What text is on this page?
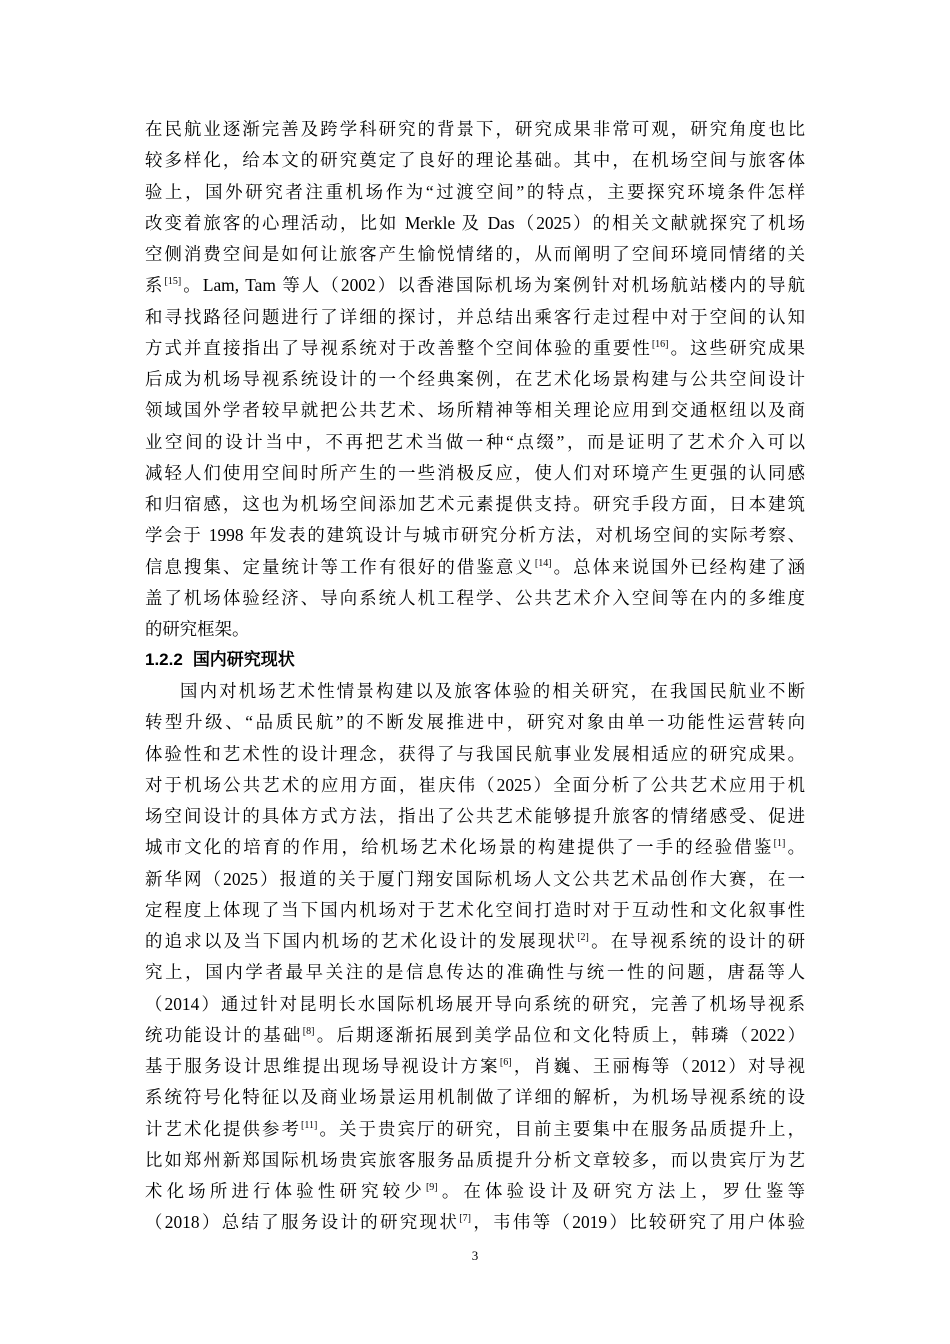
在民航业逐渐完善及跨学科研究的背景下，研究成果非常可观，研究角度也比
较多样化，给本文的研究奠定了良好的理论基础。其中，在机场空间与旅客体
验上，国外研究者注重机场作为“过渡空间”的特点，主要探究环境条件怎样
改变着旅客的心理活动，比如 Merkle 及 Das（2025）的相关文献就探究了机场
空侧消费空间是如何让旅客产生愉悦情绪的，从而阐明了空间环境同情绪的关
系[15]。Lam, Tam 等人（2002）以香港国际机场为案例针对机场航站楼内的导航
和寻找路径问题进行了详细的探讨，并总结出乘客行走过程中对于空间的认知
方式并直接指出了导视系统对于改善整个空间体验的重要性[16]。这些研究成果
后成为机场导视系统设计的一个经典案例，在艺术化场景构建与公共空间设计
领域国外学者较早就把公共艺术、场所精神等相关理论应用到交通枢纽以及商
业空间的设计当中，不再把艺术当做一种“点缀”，而是证明了艺术介入可以
减轻人们使用空间时所产生的一些消极反应，使人们对环境产生更强的认同感
和归宿感，这也为机场空间添加艺术元素提供支持。研究手段方面，日本建筑
学会于 1998 年发表的建筑设计与城市研究分析方法，对机场空间的实际考察、
信息搜集、定量统计等工作有很好的借鉴意义[14]。总体来说国外已经构建了涵
盖了机场体验经济、导向系统人机工程学、公共艺术介入空间等在内的多维度
的研究框架。
1.2.2 国内研究现状
国内对机场艺术性情景构建以及旅客体验的相关研究，在我国民航业不断
转型升级、“品质民航”的不断发展推进中，研究对象由单一功能性运营转向
体验性和艺术性的设计理念，获得了与我国民航事业发展相适应的研究成果。
对于机场公共艺术的应用方面，崔庆伟（2025）全面分析了公共艺术应用于机
场空间设计的具体方式方法，指出了公共艺术能够提升旅客的情绪感受、促进
城市文化的培育的作用，给机场艺术化场景的构建提供了一手的经验借鉴[1]。
新华网（2025）报道的关于厦门翔安国际机场人文公共艺术品创作大赛，在一
定程度上体现了当下国内机场对于艺术化空间打造时对于互动性和文化叙事性
的追求以及当下国内机场的艺术化设计的发展现状[2]。在导视系统的设计的研
究上，国内学者最早关注的是信息传达的准确性与统一性的问题，唐磊等人
（2014）通过针对昆明长水国际机场展开导向系统的研究，完善了机场导视系
统功能设计的基础[8]。后期逐渐拓展到美学品位和文化特质上，韩璘（2022）
基于服务设计思维提出现场导视设计方案[6]，肖巍、王丽梅等（2012）对导视
系统符号化特征以及商业场景运用机制做了详细的解析，为机场导视系统的设
计艺术化提供参考[11]。关于贵宾厅的研究，目前主要集中在服务品质提升上，
比如郑州新郑国际机场贵宾旅客服务品质提升分析文章较多，而以贵宾厅为艺
术化场所进行体验性研究较少[9]。在体验设计及研究方法上，罗仕鉴等
（2018）总结了服务设计的研究现状[7]，韦伟等（2019）比较研究了用户体验
3
